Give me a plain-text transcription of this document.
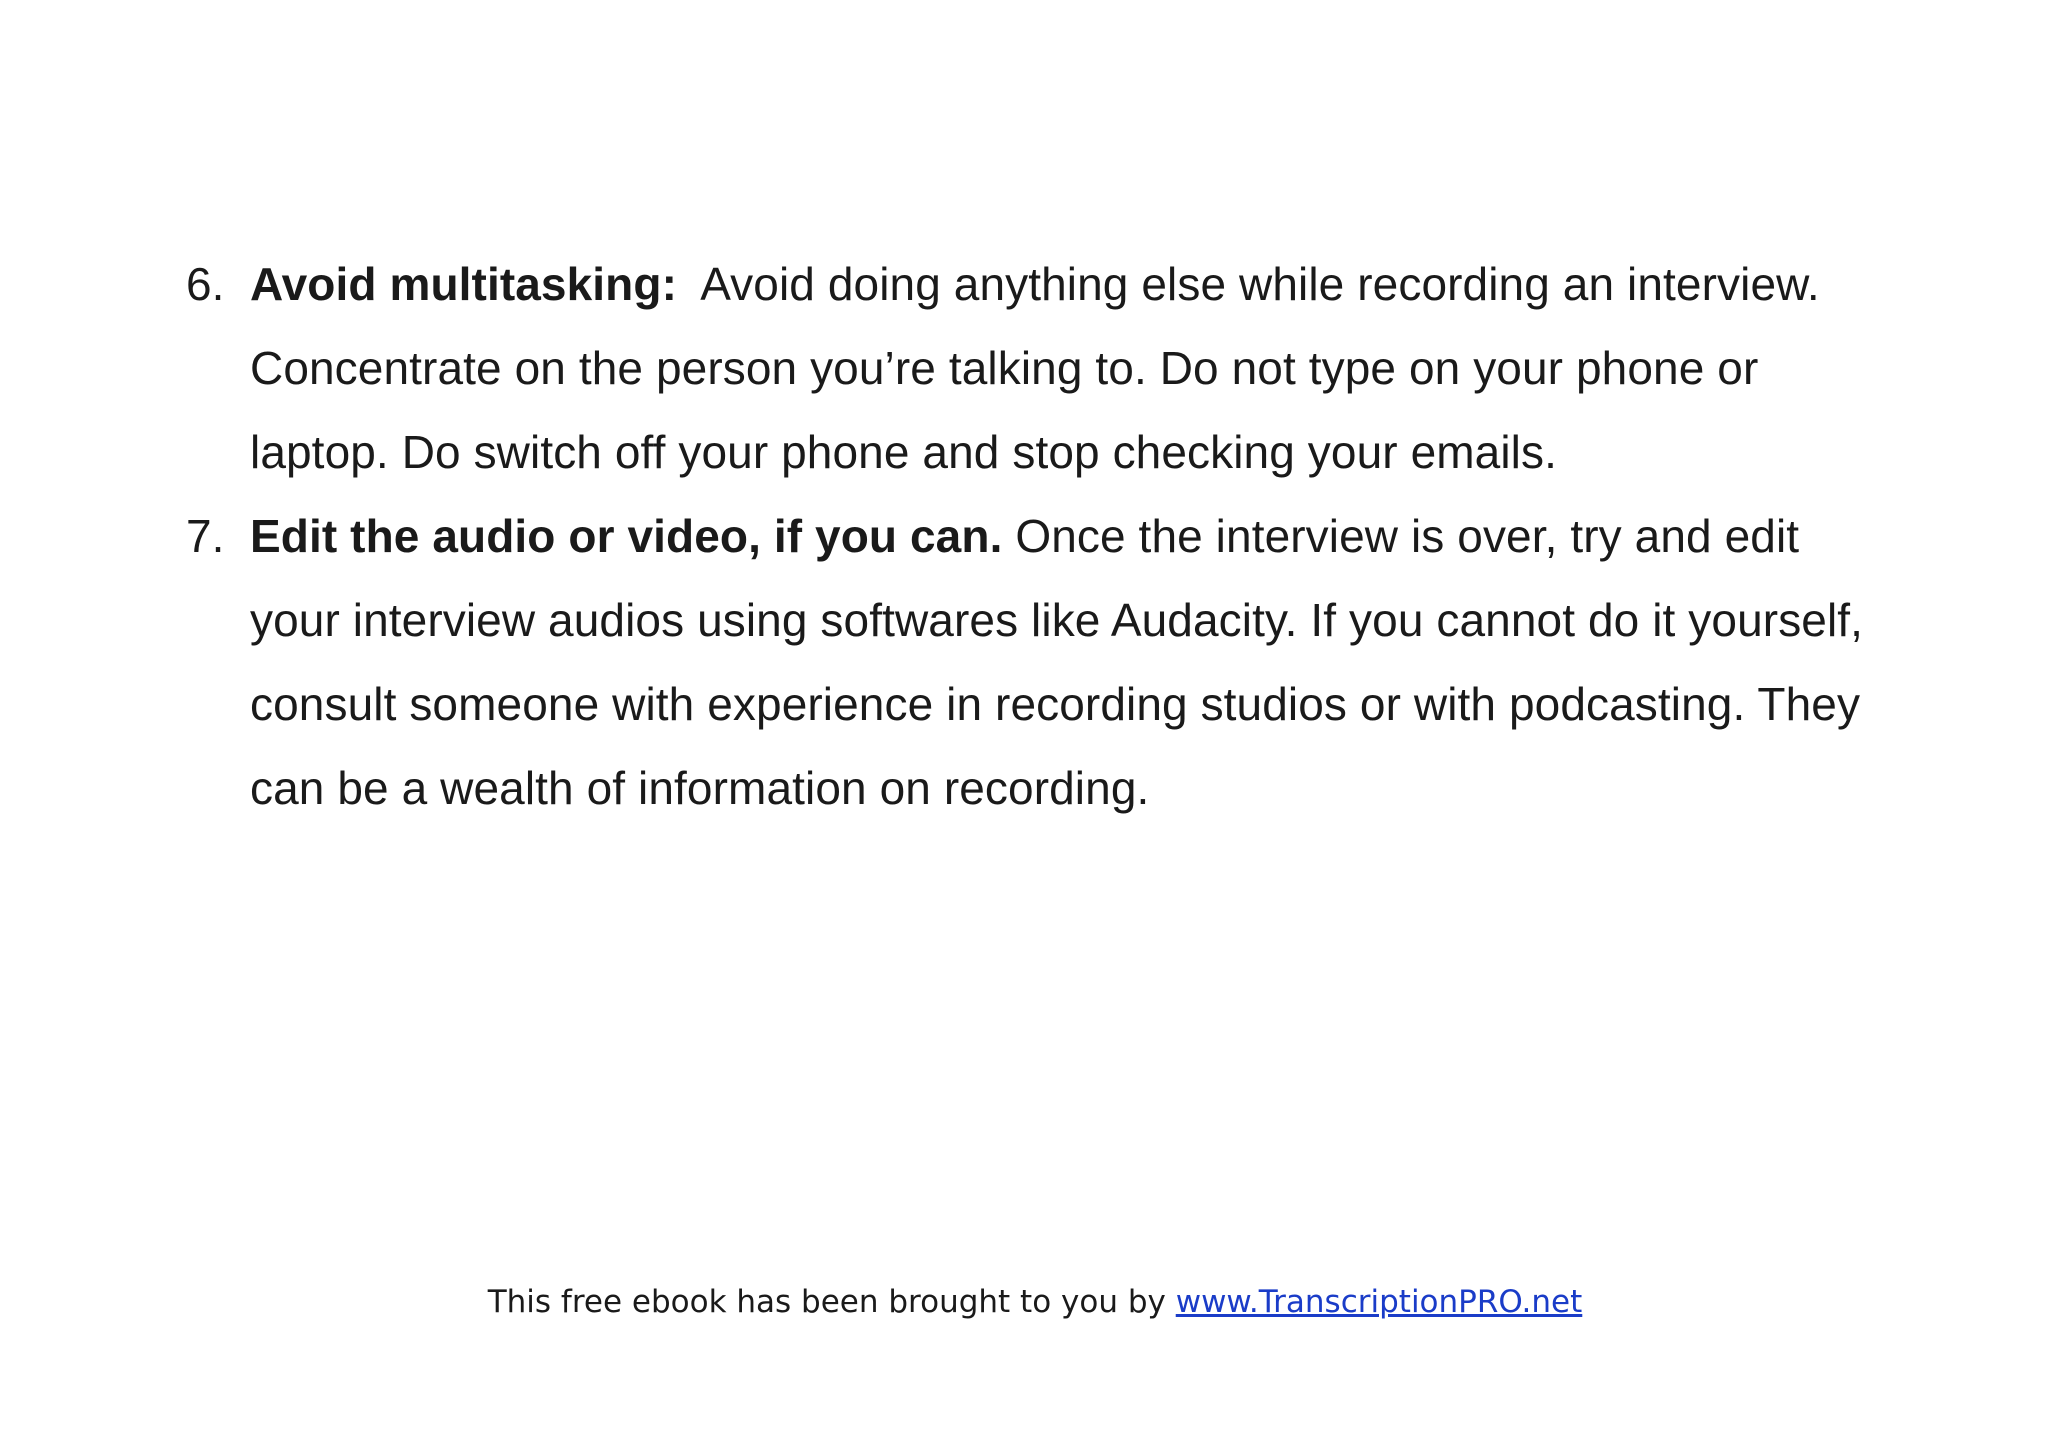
6. Avoid multitasking:  Avoid doing anything else while recording an interview. Concentrate on the person you’re talking to. Do not type on your phone or laptop. Do switch off your phone and stop checking your emails.
7. Edit the audio or video, if you can. Once the interview is over, try and edit your interview audios using softwares like Audacity. If you cannot do it yourself, consult someone with experience in recording studios or with podcasting. They can be a wealth of information on recording.
This free ebook has been brought to you by www.TranscriptionPRO.net
